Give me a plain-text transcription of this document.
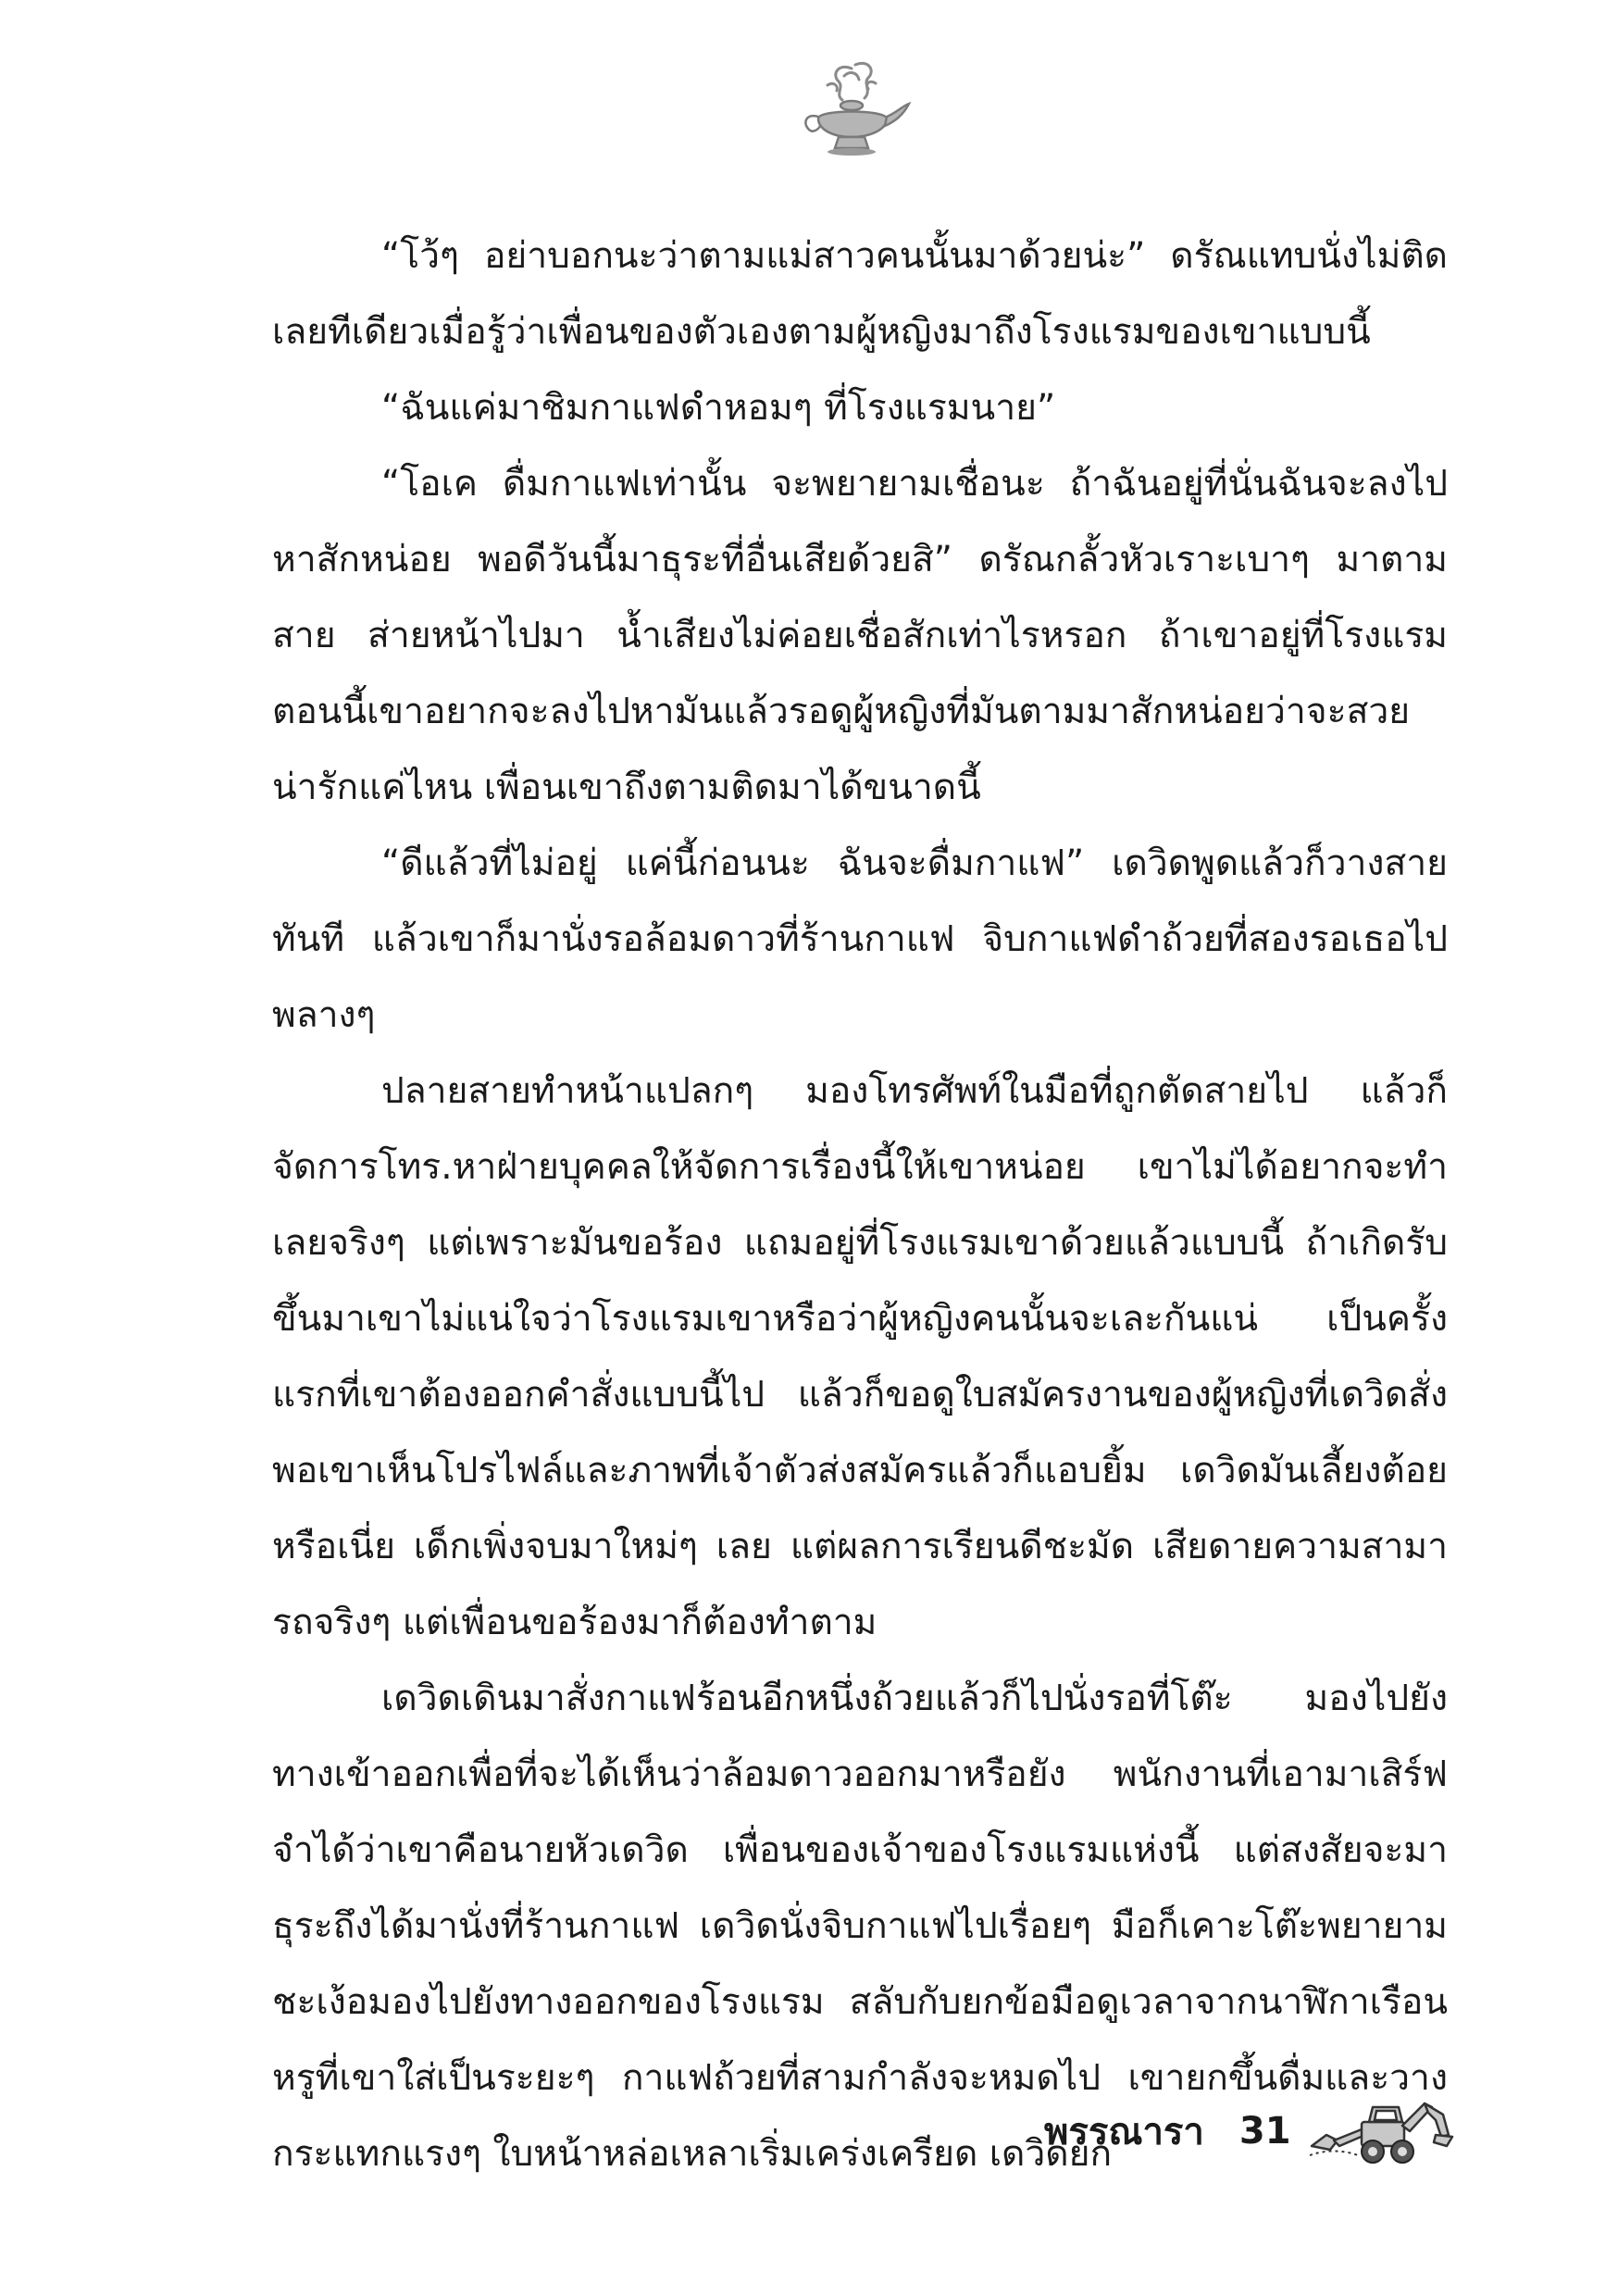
“โว้ๆ อย่าบอกนะว่าตามแม่สาวคนนั้นมาด้วยน่ะ” ดรัณแทบนั่งไม่ติดเลยทีเดียวเมื่อรู้ว่าเพื่อนของตัวเองตามผู้หญิงมาถึงโรงแรมของเขาแบบนี้

“ฉันแค่มาชิมกาแฟดำหอมๆ ที่โรงแรมนาย”

“โอเค ดื่มกาแฟเท่านั้น จะพยายามเชื่อนะ ถ้าฉันอยู่ที่นั่นฉันจะลงไปหาสักหน่อย พอดีวันนี้มาธุระที่อื่นเสียด้วยสิ” ดรัณกลั้วหัวเราะเบาๆ มาตามสาย ส่ายหน้าไปมา น้ำเสียงไม่ค่อยเชื่อสักเท่าไรหรอก ถ้าเขาอยู่ที่โรงแรมตอนนี้เขาอยากจะลงไปหามันแล้วรอดูผู้หญิงที่มันตามมาสักหน่อยว่าจะสวยน่ารักแค่ไหน เพื่อนเขาถึงตามติดมาได้ขนาดนี้

“ดีแล้วที่ไม่อยู่ แค่นี้ก่อนนะ ฉันจะดื่มกาแฟ” เดวิดพูดแล้วก็วางสายทันที แล้วเขาก็มานั่งรอล้อมดาวที่ร้านกาแฟ จิบกาแฟดำถ้วยที่สองรอเธอไปพลางๆ

ปลายสายทำหน้าแปลกๆ มองโทรศัพท์ในมือที่ถูกตัดสายไป แล้วก็จัดการโทร.หาฝ่ายบุคคลให้จัดการเรื่องนี้ให้เขาหน่อย เขาไม่ได้อยากจะทำเลยจริงๆ แต่เพราะมันขอร้อง แถมอยู่ที่โรงแรมเขาด้วยแล้วแบบนี้ ถ้าเกิดรับขึ้นมาเขาไม่แน่ใจว่าโรงแรมเขาหรือว่าผู้หญิงคนนั้นจะเละกันแน่ เป็นครั้งแรกที่เขาต้องออกคำสั่งแบบนี้ไป แล้วก็ขอดูใบสมัครงานของผู้หญิงที่เดวิดสั่ง พอเขาเห็นโปรไฟล์และภาพที่เจ้าตัวส่งสมัครแล้วก็แอบยิ้ม เดวิดมันเลี้ยงต้อยหรือเนี่ย เด็กเพิ่งจบมาใหม่ๆ เลย แต่ผลการเรียนดีชะมัด เสียดายความสามารถจริงๆ แต่เพื่อนขอร้องมาก็ต้องทำตาม

เดวิดเดินมาสั่งกาแฟร้อนอีกหนึ่งถ้วยแล้วก็ไปนั่งรอที่โต๊ะ มองไปยังทางเข้าออกเพื่อที่จะได้เห็นว่าล้อมดาวออกมาหรือยัง พนักงานที่เอามาเสิร์ฟจำได้ว่าเขาคือนายหัวเดวิด เพื่อนของเจ้าของโรงแรมแห่งนี้ แต่สงสัยจะมาธุระถึงได้มานั่งที่ร้านกาแฟ เดวิดนั่งจิบกาแฟไปเรื่อยๆ มือก็เคาะโต๊ะพยายามชะเง้อมองไปยังทางออกของโรงแรม สลับกับยกข้อมือดูเวลาจากนาฬิกาเรือนหรูที่เขาใส่เป็นระยะๆ กาแฟถ้วยที่สามกำลังจะหมดไป เขายกขึ้นดื่มและวางกระแทกแรงๆ ใบหน้าหล่อเหลาเริ่มเคร่งเครียด เดวิดยก

พรรณารา 31
